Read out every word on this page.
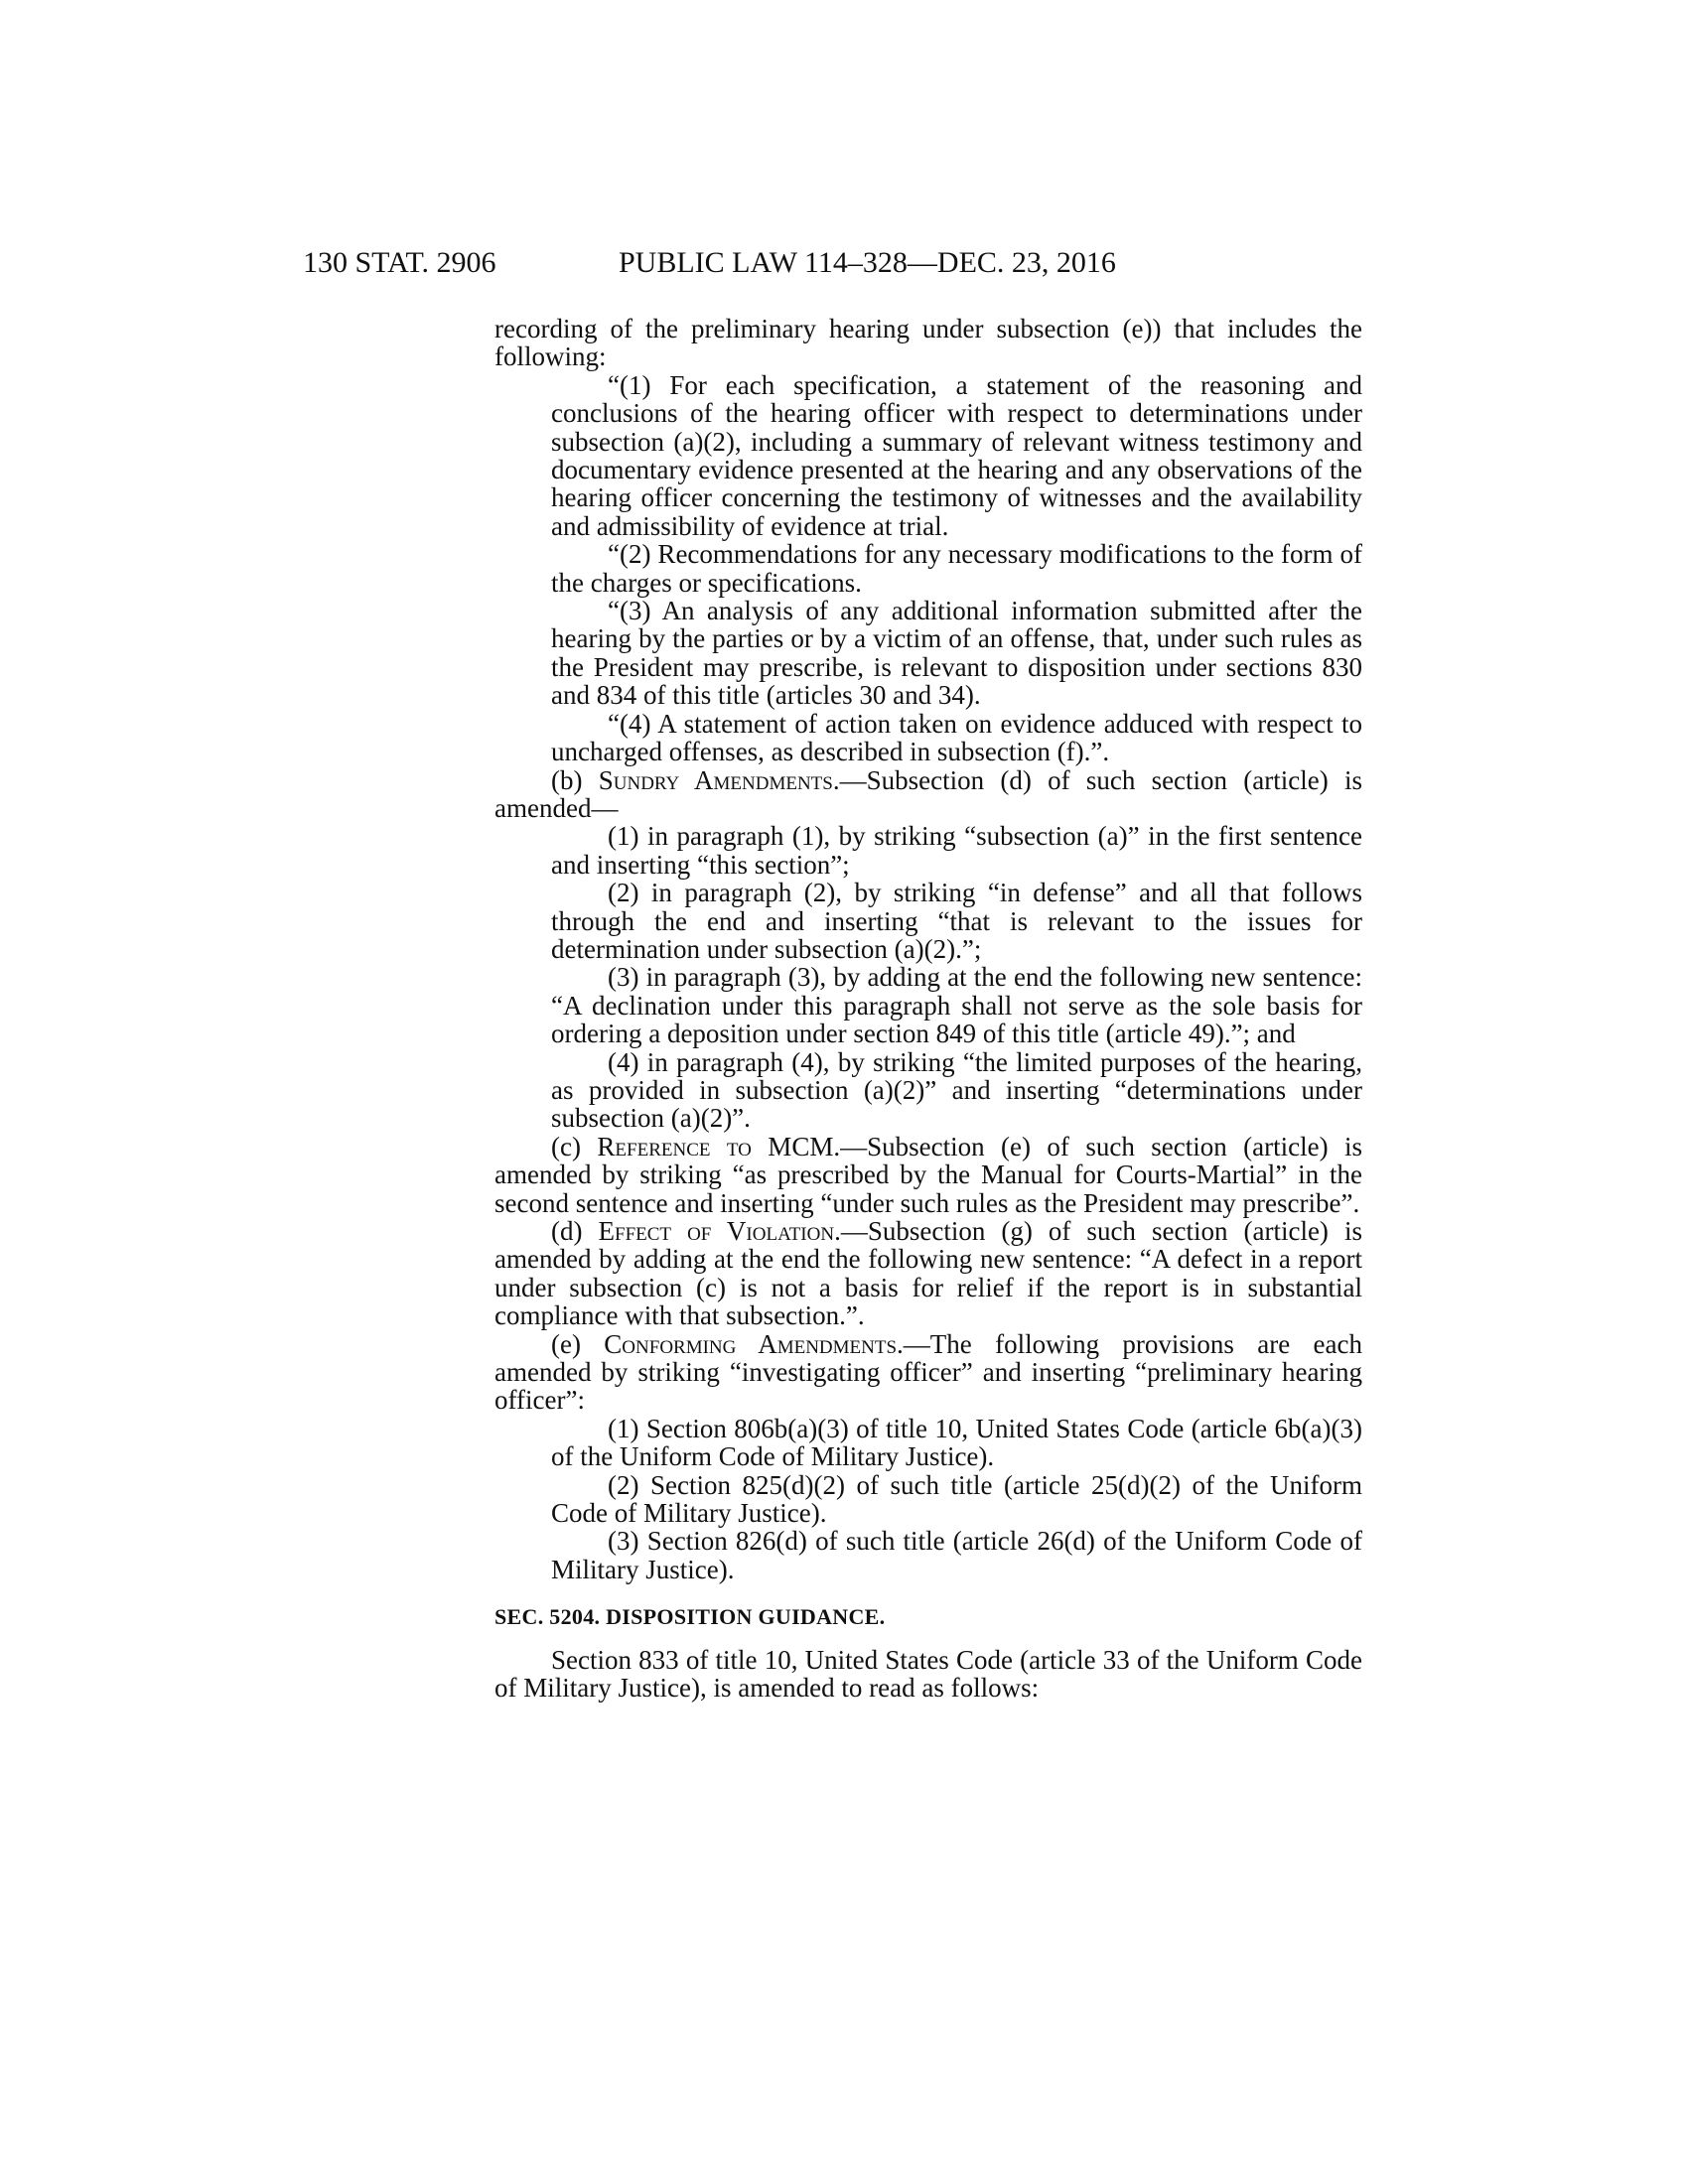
130 STAT. 2906	PUBLIC LAW 114–328—DEC. 23, 2016

recording of the preliminary hearing under subsection (e)) that includes the following:

“(1) For each specification, a statement of the reasoning and conclusions of the hearing officer with respect to determinations under subsection (a)(2), including a summary of relevant witness testimony and documentary evidence presented at the hearing and any observations of the hearing officer concerning the testimony of witnesses and the availability and admissibility of evidence at trial.

“(2) Recommendations for any necessary modifications to the form of the charges or specifications.

“(3) An analysis of any additional information submitted after the hearing by the parties or by a victim of an offense, that, under such rules as the President may prescribe, is relevant to disposition under sections 830 and 834 of this title (articles 30 and 34).

“(4) A statement of action taken on evidence adduced with respect to uncharged offenses, as described in subsection (f).”.

(b) Sundry Amendments.—Subsection (d) of such section (article) is amended—

(1) in paragraph (1), by striking “subsection (a)” in the first sentence and inserting “this section”;

(2) in paragraph (2), by striking “in defense” and all that follows through the end and inserting “that is relevant to the issues for determination under subsection (a)(2).”;

(3) in paragraph (3), by adding at the end the following new sentence: “A declination under this paragraph shall not serve as the sole basis for ordering a deposition under section 849 of this title (article 49).”; and

(4) in paragraph (4), by striking “the limited purposes of the hearing, as provided in subsection (a)(2)” and inserting “determinations under subsection (a)(2)”.

(c) Reference to MCM.—Subsection (e) of such section (article) is amended by striking “as prescribed by the Manual for Courts-Martial” in the second sentence and inserting “under such rules as the President may prescribe”.

(d) Effect of Violation.—Subsection (g) of such section (article) is amended by adding at the end the following new sentence: “A defect in a report under subsection (c) is not a basis for relief if the report is in substantial compliance with that subsection.”.

(e) Conforming Amendments.—The following provisions are each amended by striking “investigating officer” and inserting “preliminary hearing officer”:

(1) Section 806b(a)(3) of title 10, United States Code (article 6b(a)(3) of the Uniform Code of Military Justice).

(2) Section 825(d)(2) of such title (article 25(d)(2) of the Uniform Code of Military Justice).

(3) Section 826(d) of such title (article 26(d) of the Uniform Code of Military Justice).

SEC. 5204. DISPOSITION GUIDANCE.

Section 833 of title 10, United States Code (article 33 of the Uniform Code of Military Justice), is amended to read as follows:
